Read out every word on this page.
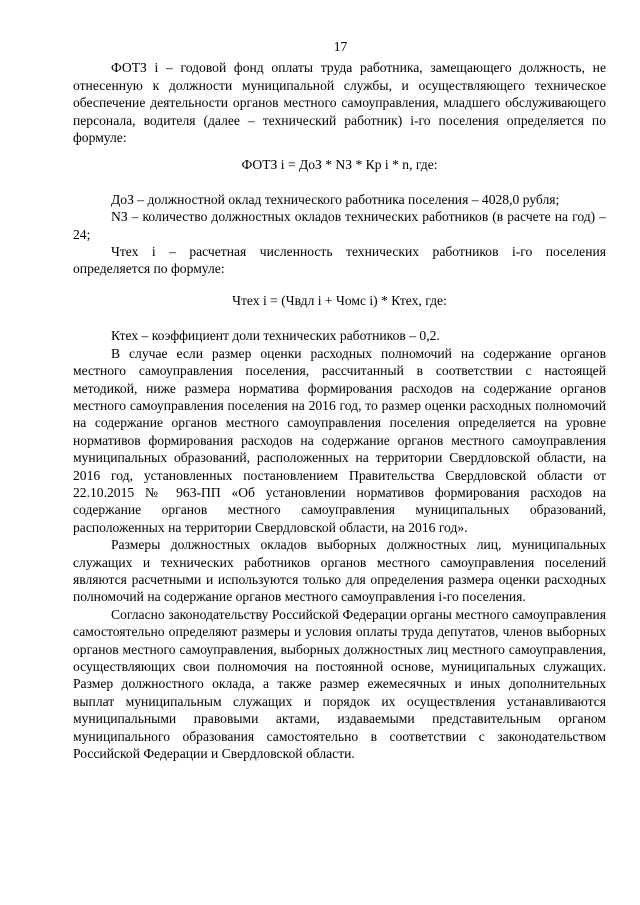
17

ФОТЗ i – годовой фонд оплаты труда работника, замещающего должность, не отнесенную к должности муниципальной службы, и осуществляющего техническое обеспечение деятельности органов местного самоуправления, младшего обслуживающего персонала, водителя (далее – технический работник) i-го поселения определяется по формуле:

ФОТЗ i = ДоЗ * NЗ * Кр i * n, где:

ДоЗ – должностной оклад технического работника поселения – 4028,0 рубля;

NЗ – количество должностных окладов технических работников (в расчете на год) – 24;

Чтех i – расчетная численность технических работников i-го поселения определяется по формуле:

Чтех i = (Чвдл i + Чомс i) * Ктех, где:

Ктех – коэффициент доли технических работников – 0,2.

В случае если размер оценки расходных полномочий на содержание органов местного самоуправления поселения, рассчитанный в соответствии с настоящей методикой, ниже размера норматива формирования расходов на содержание органов местного самоуправления поселения на 2016 год, то размер оценки расходных полномочий на содержание органов местного самоуправления поселения определяется на уровне нормативов формирования расходов на содержание органов местного самоуправления муниципальных образований, расположенных на территории Свердловской области, на 2016 год, установленных постановлением Правительства Свердловской области от 22.10.2015 № 963-ПП «Об установлении нормативов формирования расходов на содержание органов местного самоуправления муниципальных образований, расположенных на территории Свердловской области, на 2016 год».

Размеры должностных окладов выборных должностных лиц, муниципальных служащих и технических работников органов местного самоуправления поселений являются расчетными и используются только для определения размера оценки расходных полномочий на содержание органов местного самоуправления i-го поселения.

Согласно законодательству Российской Федерации органы местного самоуправления самостоятельно определяют размеры и условия оплаты труда депутатов, членов выборных органов местного самоуправления, выборных должностных лиц местного самоуправления, осуществляющих свои полномочия на постоянной основе, муниципальных служащих. Размер должностного оклада, а также размер ежемесячных и иных дополнительных выплат муниципальным служащих и порядок их осуществления устанавливаются муниципальными правовыми актами, издаваемыми представительным органом муниципального образования самостоятельно в соответствии с законодательством Российской Федерации и Свердловской области.
